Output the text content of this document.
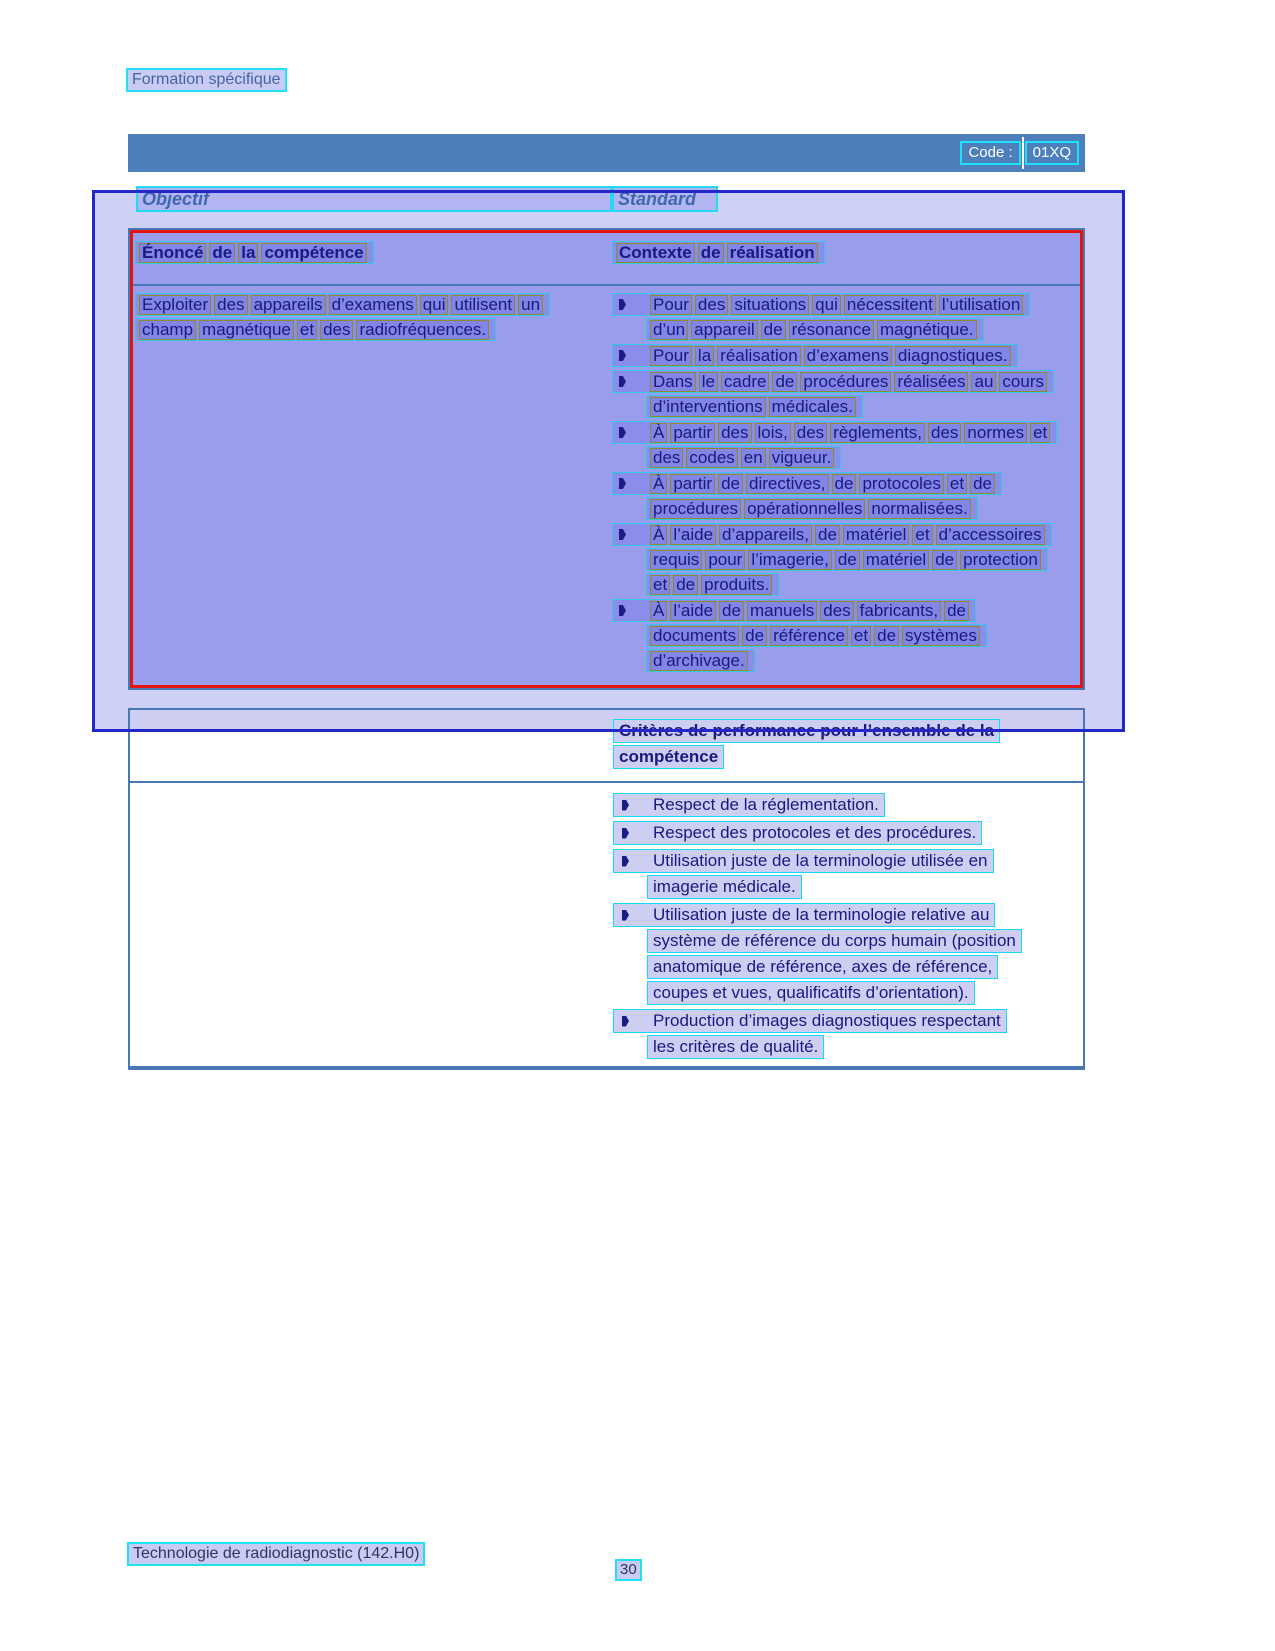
Formation spécifique
Code :	01XQ
Objectif	Standard
Énoncé de la compétence	Contexte de réalisation
Exploiter des appareils d’examens qui utilisent un
champ magnétique et des radiofréquences.
Pour des situations qui nécessitent l’utilisation
d’un appareil de résonance magnétique.
Pour la réalisation d’examens diagnostiques.
Dans le cadre de procédures réalisées au cours
d’interventions médicales.
À partir des lois, des règlements, des normes et
des codes en vigueur.
À partir de directives, de protocoles et de
procédures opérationnelles normalisées.
À l’aide d’appareils, de matériel et d’accessoires
requis pour l’imagerie, de matériel de protection
et de produits.
À l’aide de manuels des fabricants, de
documents de référence et de systèmes
d’archivage.
Critères de performance pour l’ensemble de la
compétence
Respect de la réglementation.
Respect des protocoles et des procédures.
Utilisation juste de la terminologie utilisée en
imagerie médicale.
Utilisation juste de la terminologie relative au
système de référence du corps humain (position
anatomique de référence, axes de référence,
coupes et vues, qualificatifs d’orientation).
Production d’images diagnostiques respectant
les critères de qualité.
Technologie de radiodiagnostic (142.H0)
30
